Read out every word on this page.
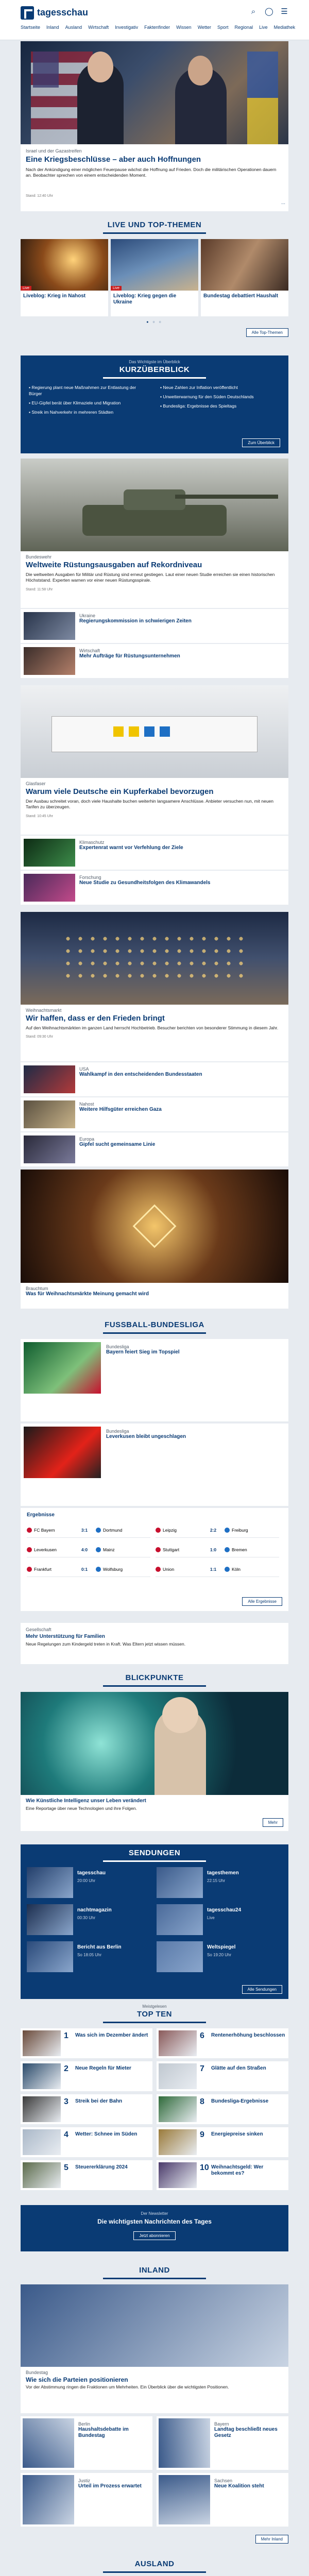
tagesschau	⌕ ◯ ☰
Startseite Inland Ausland Wirtschaft Investigativ Faktenfinder Wissen Wetter Sport Regional Live Mediathek
Israel und der Gazastreifen
Eine Kriegsbeschlüsse – aber auch Hoffnungen
Nach der Ankündigung einer möglichen Feuerpause wächst die Hoffnung auf Frieden. Doch die militärischen Operationen dauern an. Beobachter sprechen von einem entscheidenden Moment.
Stand: 12:40 Uhr
⋯
LIVE UND TOP-THEMEN
Live
Liveblog: Krieg in Nahost
Live
Liveblog: Krieg gegen die Ukraine
Bundestag debattiert Haushalt
● ○ ○
Alle Top-Themen
Das Wichtigste im Überblick
KURZÜBERBLICK
▪ Regierung plant neue Maßnahmen zur Entlastung der Bürger
▪ EU-Gipfel berät über Klimaziele und Migration
▪ Streik im Nahverkehr in mehreren Städten
▪ Neue Zahlen zur Inflation veröffentlicht
▪ Unwetterwarnung für den Süden Deutschlands
▪ Bundesliga: Ergebnisse des Spieltags
Zum Überblick
Bundeswehr
Weltweite Rüstungsausgaben auf Rekordniveau
Die weltweiten Ausgaben für Militär und Rüstung sind erneut gestiegen. Laut einer neuen Studie erreichen sie einen historischen Höchststand. Experten warnen vor einer neuen Rüstungsspirale.
Stand: 11:58 Uhr
Ukraine
Regierungskommission in schwierigen Zeiten
Wirtschaft
Mehr Aufträge für Rüstungsunternehmen
Glasfaser
Warum viele Deutsche ein Kupferkabel bevorzugen
Der Ausbau schreitet voran, doch viele Haushalte buchen weiterhin langsamere Anschlüsse. Anbieter versuchen nun, mit neuen Tarifen zu überzeugen.
Stand: 10:45 Uhr
Klimaschutz
Expertenrat warnt vor Verfehlung der Ziele
Forschung
Neue Studie zu Gesundheitsfolgen des Klimawandels
Weihnachtsmarkt
Wir haffen, dass er den Frieden bringt
Auf den Weihnachtsmärkten im ganzen Land herrscht Hochbetrieb. Besucher berichten von besonderer Stimmung in diesem Jahr.
Stand: 09:30 Uhr
USA
Wahlkampf in den entscheidenden Bundesstaaten
Nahost
Weitere Hilfsgüter erreichen Gaza
Europa
Gipfel sucht gemeinsame Linie
Brauchtum
Was für Weihnachtsmärkte Meinung gemacht wird
FUSSBALL-BUNDESLIGA
Bundesliga
Bayern feiert Sieg im Topspiel
Bundesliga
Leverkusen bleibt ungeschlagen
Ergebnisse
FC Bayern	3:1	Dortmund	Leipzig	2:2	Freiburg
Leverkusen	4:0	Mainz	Stuttgart	1:0	Bremen
Frankfurt	0:1	Wolfsburg	Union	1:1	Köln
Alle Ergebnisse
Gesellschaft
Mehr Unterstützung für Familien
Neue Regelungen zum Kindergeld treten in Kraft. Was Eltern jetzt wissen müssen.
BLICKPUNKTE
Wie Künstliche Intelligenz unser Leben verändert
Eine Reportage über neue Technologien und ihre Folgen.
Mehr
SENDUNGEN
tagesschau
20:00 Uhr
tagesthemen
22:15 Uhr
nachtmagazin
00:30 Uhr
tagesschau24
Live
Bericht aus Berlin
So 18:05 Uhr
Weltspiegel
So 19:20 Uhr
Alle Sendungen
Meistgelesen
TOP TEN
1	Was sich im Dezember ändert
2	Neue Regeln für Mieter
3	Streik bei der Bahn
4	Wetter: Schnee im Süden
5	Steuererklärung 2024
6	Rentenerhöhung beschlossen
7	Glätte auf den Straßen
8	Bundesliga-Ergebnisse
9	Energiepreise sinken
10 Weihnachtsgeld: Wer bekommt es?
Der Newsletter
Die wichtigsten Nachrichten des Tages
Jetzt abonnieren
INLAND
Bundestag
Wie sich die Parteien positionieren
Vor der Abstimmung ringen die Fraktionen um Mehrheiten. Ein Überblick über die wichtigsten Positionen.
Berlin
Haushaltsdebatte im Bundestag
Bayern
Landtag beschließt neues Gesetz
Justiz
Urteil im Prozess erwartet
Sachsen
Neue Koalition steht
Mehr Inland
AUSLAND
